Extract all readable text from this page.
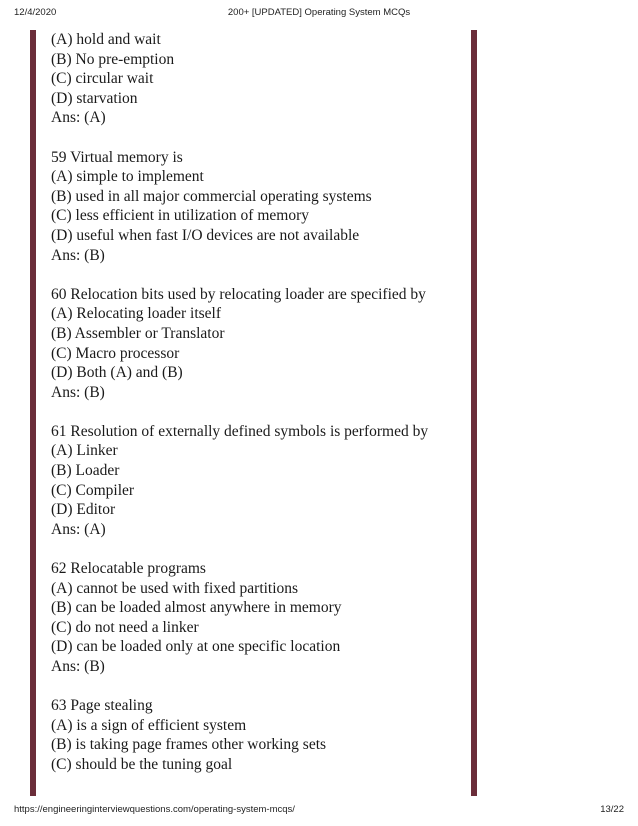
12/4/2020	200+ [UPDATED] Operating System MCQs
(A) hold and wait
(B) No pre-emption
(C) circular wait
(D) starvation
Ans: (A)
59 Virtual memory is
(A) simple to implement
(B) used in all major commercial operating systems
(C) less efficient in utilization of memory
(D) useful when fast I/O devices are not available
Ans: (B)
60 Relocation bits used by relocating loader are specified by
(A) Relocating loader itself
(B) Assembler or Translator
(C) Macro processor
(D) Both (A) and (B)
Ans: (B)
61 Resolution of externally defined symbols is performed by
(A) Linker
(B) Loader
(C) Compiler
(D) Editor
Ans: (A)
62 Relocatable programs
(A) cannot be used with fixed partitions
(B) can be loaded almost anywhere in memory
(C) do not need a linker
(D) can be loaded only at one specific location
Ans: (B)
63 Page stealing
(A) is a sign of efficient system
(B) is taking page frames other working sets
(C) should be the tuning goal
https://engineeringinterviewquestions.com/operating-system-mcqs/	13/22
